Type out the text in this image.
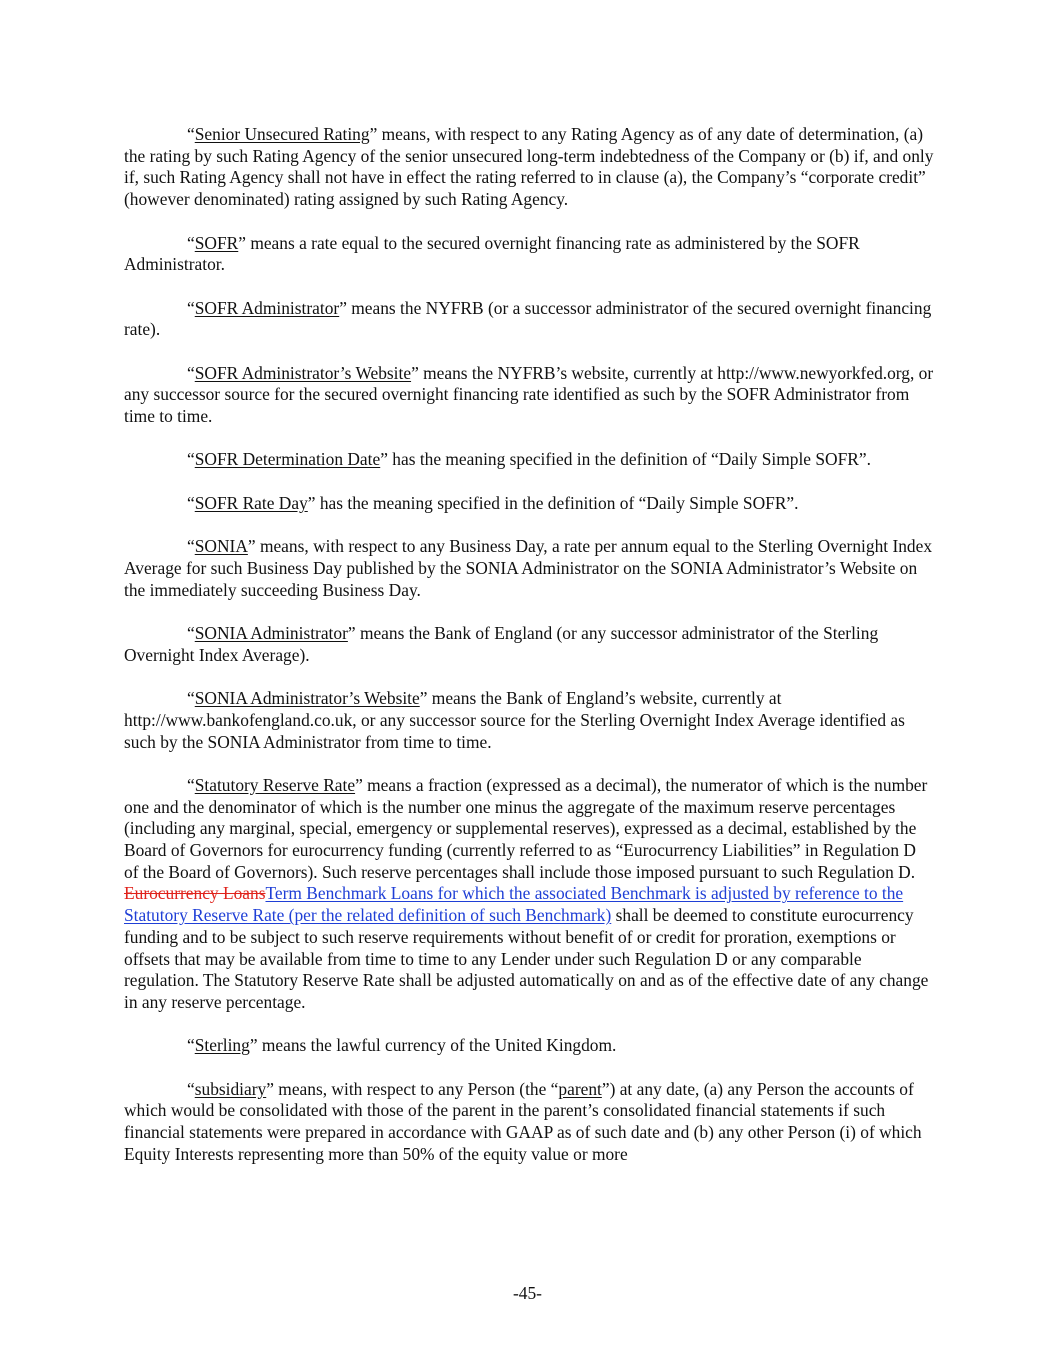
“Senior Unsecured Rating” means, with respect to any Rating Agency as of any date of determination, (a) the rating by such Rating Agency of the senior unsecured long-term indebtedness of the Company or (b) if, and only if, such Rating Agency shall not have in effect the rating referred to in clause (a), the Company’s “corporate credit” (however denominated) rating assigned by such Rating Agency.

“SOFR” means a rate equal to the secured overnight financing rate as administered by the SOFR Administrator.

“SOFR Administrator” means the NYFRB (or a successor administrator of the secured overnight financing rate).

“SOFR Administrator’s Website” means the NYFRB’s website, currently at http://www.newyorkfed.org, or any successor source for the secured overnight financing rate identified as such by the SOFR Administrator from time to time.

“SOFR Determination Date” has the meaning specified in the definition of “Daily Simple SOFR”.

“SOFR Rate Day” has the meaning specified in the definition of “Daily Simple SOFR”.

“SONIA” means, with respect to any Business Day, a rate per annum equal to the Sterling Overnight Index Average for such Business Day published by the SONIA Administrator on the SONIA Administrator’s Website on the immediately succeeding Business Day.

“SONIA Administrator” means the Bank of England (or any successor administrator of the Sterling Overnight Index Average).

“SONIA Administrator’s Website” means the Bank of England’s website, currently at http://www.bankofengland.co.uk, or any successor source for the Sterling Overnight Index Average identified as such by the SONIA Administrator from time to time.

“Statutory Reserve Rate” means a fraction (expressed as a decimal), the numerator of which is the number one and the denominator of which is the number one minus the aggregate of the maximum reserve percentages (including any marginal, special, emergency or supplemental reserves), expressed as a decimal, established by the Board of Governors for eurocurrency funding (currently referred to as “Eurocurrency Liabilities” in Regulation D of the Board of Governors). Such reserve percentages shall include those imposed pursuant to such Regulation D. Eurocurrency LoansTerm Benchmark Loans for which the associated Benchmark is adjusted by reference to the Statutory Reserve Rate (per the related definition of such Benchmark) shall be deemed to constitute eurocurrency funding and to be subject to such reserve requirements without benefit of or credit for proration, exemptions or offsets that may be available from time to time to any Lender under such Regulation D or any comparable regulation. The Statutory Reserve Rate shall be adjusted automatically on and as of the effective date of any change in any reserve percentage.

“Sterling” means the lawful currency of the United Kingdom.

“subsidiary” means, with respect to any Person (the “parent”) at any date, (a) any Person the accounts of which would be consolidated with those of the parent in the parent’s consolidated financial statements if such financial statements were prepared in accordance with GAAP as of such date and (b) any other Person (i) of which Equity Interests representing more than 50% of the equity value or more

-45-
